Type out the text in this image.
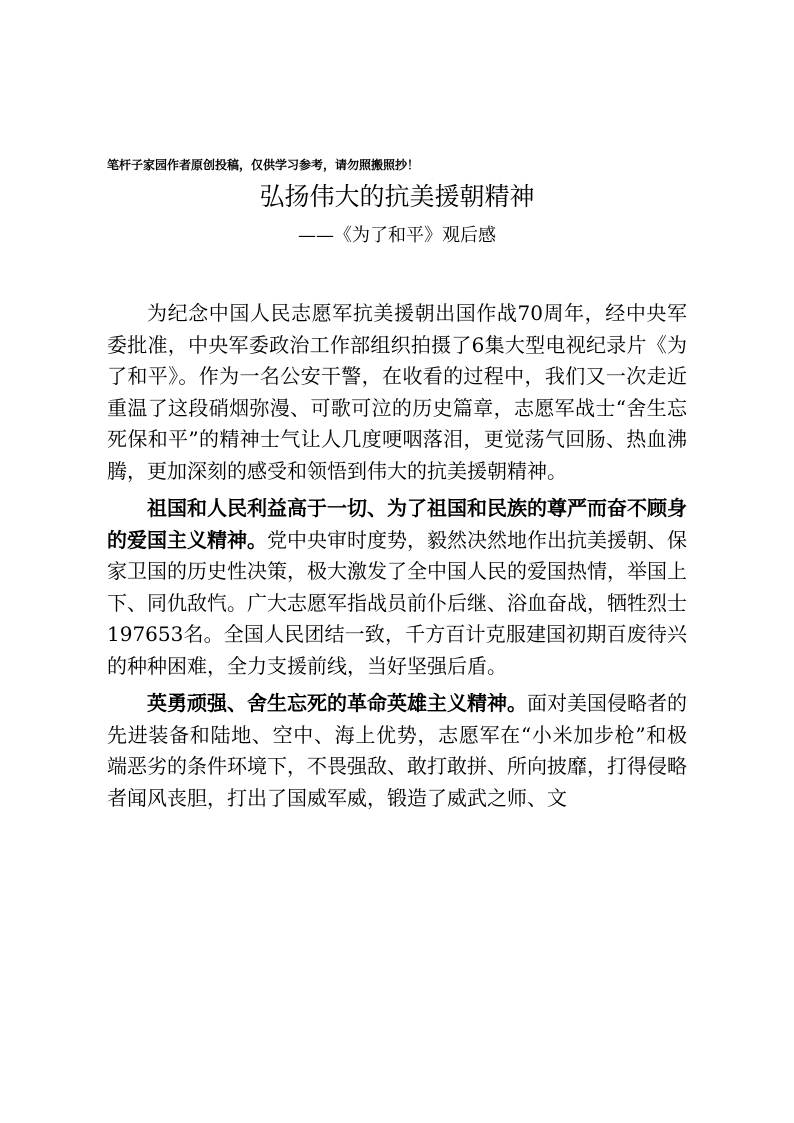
笔杆子家园作者原创投稿，仅供学习参考，请勿照搬照抄！
弘扬伟大的抗美援朝精神
——《为了和平》观后感

为纪念中国人民志愿军抗美援朝出国作战70周年，经中央军委批准，中央军委政治工作部组织拍摄了6集大型电视纪录片《为了和平》。作为一名公安干警，在收看的过程中，我们又一次走近重温了这段硝烟弥漫、可歌可泣的历史篇章，志愿军战士“舍生忘死保和平”的精神士气让人几度哽咽落泪，更觉荡气回肠、热血沸腾，更加深刻的感受和领悟到伟大的抗美援朝精神。

祖国和人民利益高于一切、为了祖国和民族的尊严而奋不顾身的爱国主义精神。党中央审时度势，毅然决然地作出抗美援朝、保家卫国的历史性决策，极大激发了全中国人民的爱国热情，举国上下、同仇敌忾。广大志愿军指战员前仆后继、浴血奋战，牺牲烈士197653名。全国人民团结一致，千方百计克服建国初期百废待兴的种种困难，全力支援前线，当好坚强后盾。

英勇顽强、舍生忘死的革命英雄主义精神。面对美国侵略者的先进装备和陆地、空中、海上优势，志愿军在“小米加步枪”和极端恶劣的条件环境下，不畏强敌、敢打敢拼、所向披靡，打得侵略者闻风丧胆，打出了国威军威，锻造了威武之师、文
